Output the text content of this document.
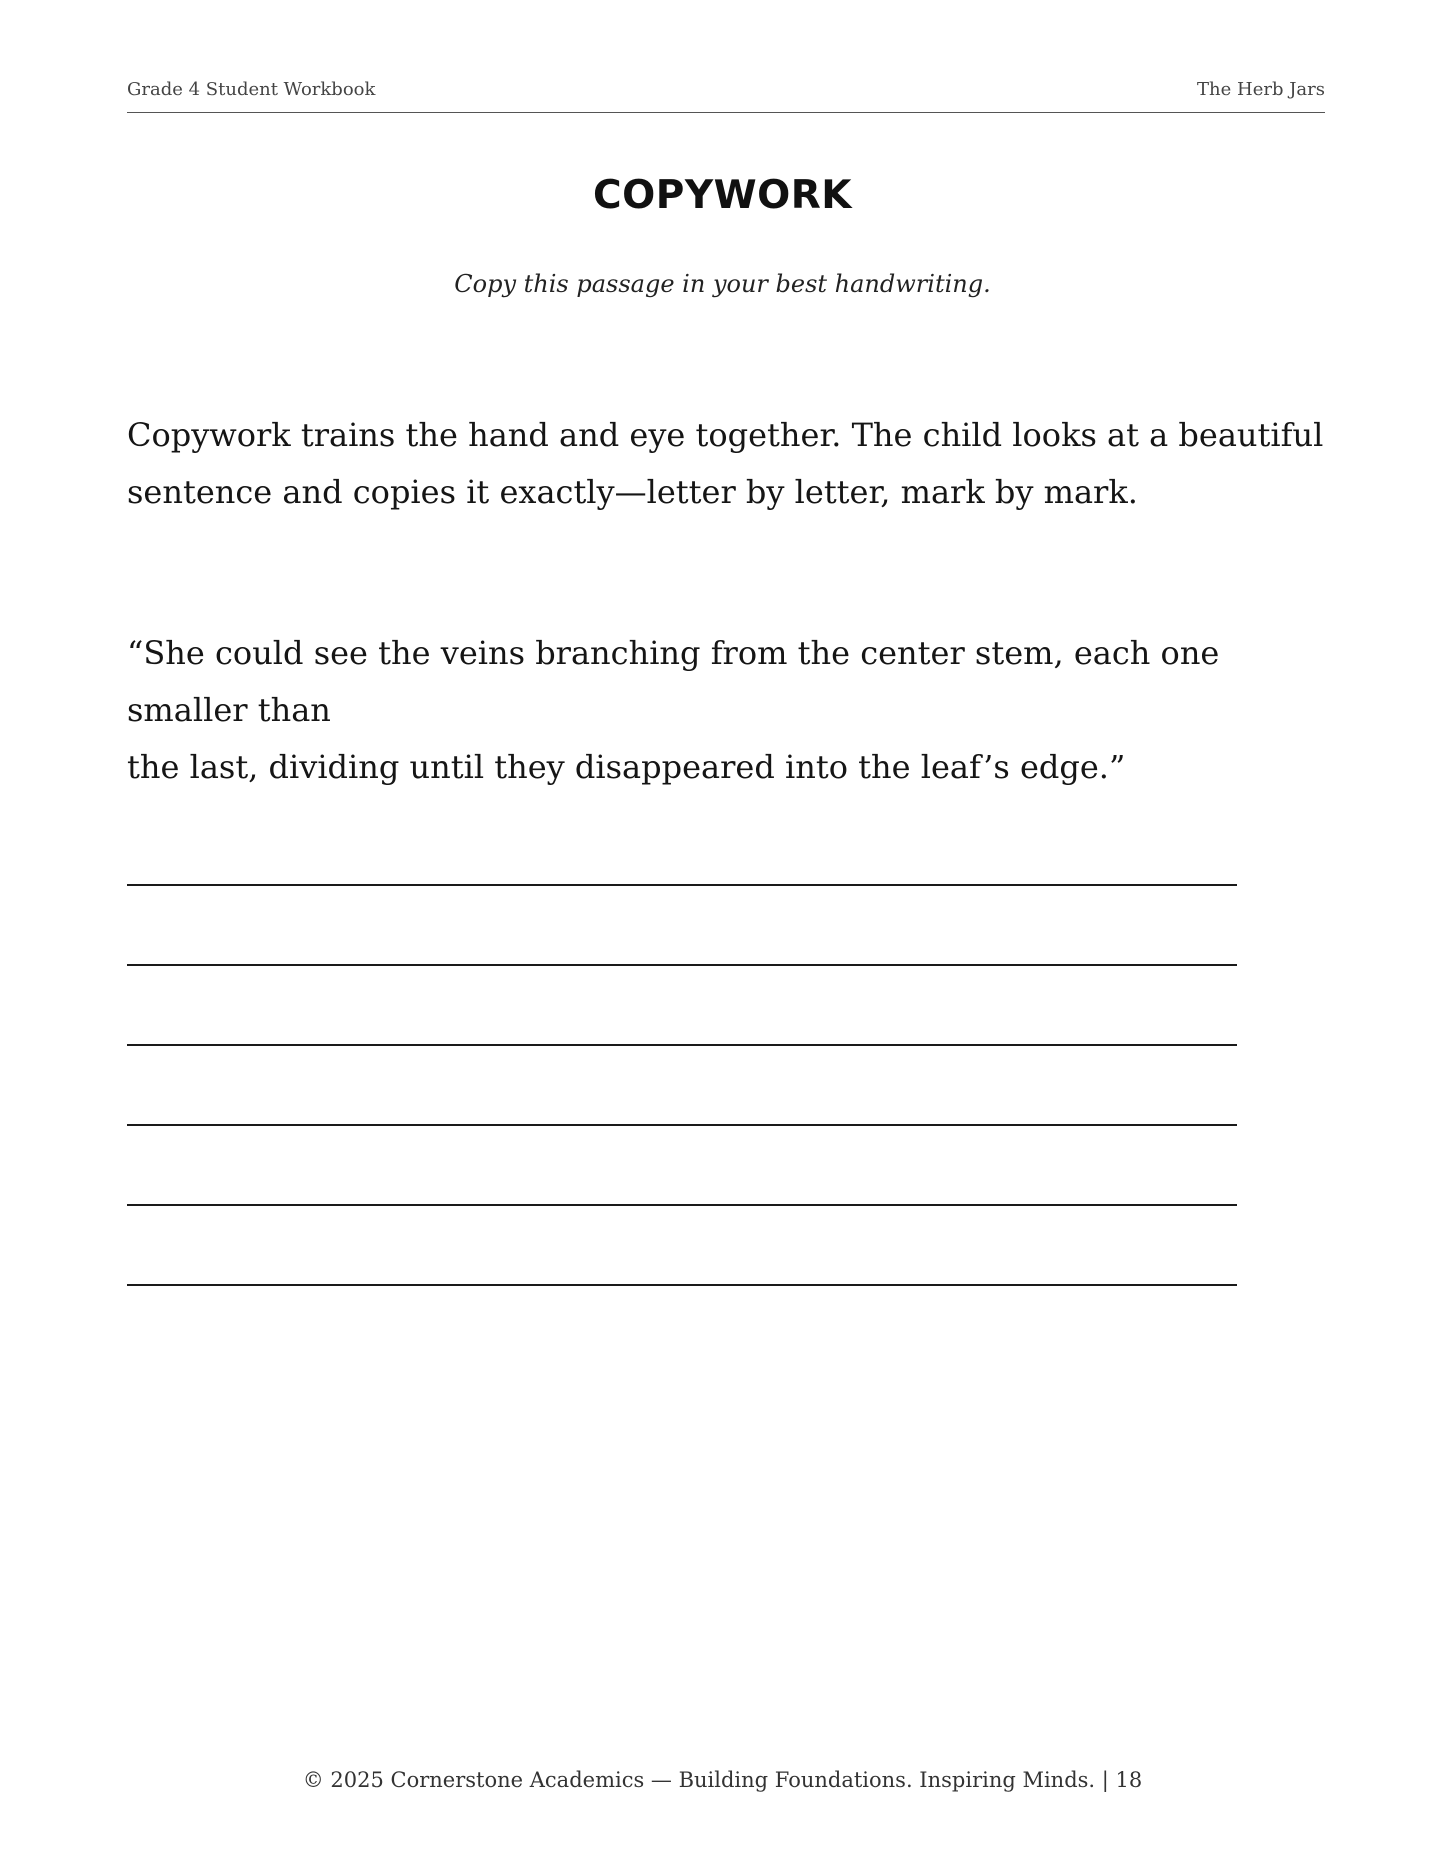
Grade 4 Student Workbook	The Herb Jars
COPYWORK
Copy this passage in your best handwriting.

Copywork trains the hand and eye together. The child looks at a beautiful

sentence and copies it exactly—letter by letter, mark by mark.

“She could see the veins branching from the center stem, each one smaller than

the last, dividing until they disappeared into the leaf’s edge.”

© 2025 Cornerstone Academics — Building Foundations. Inspiring Minds. | 18
